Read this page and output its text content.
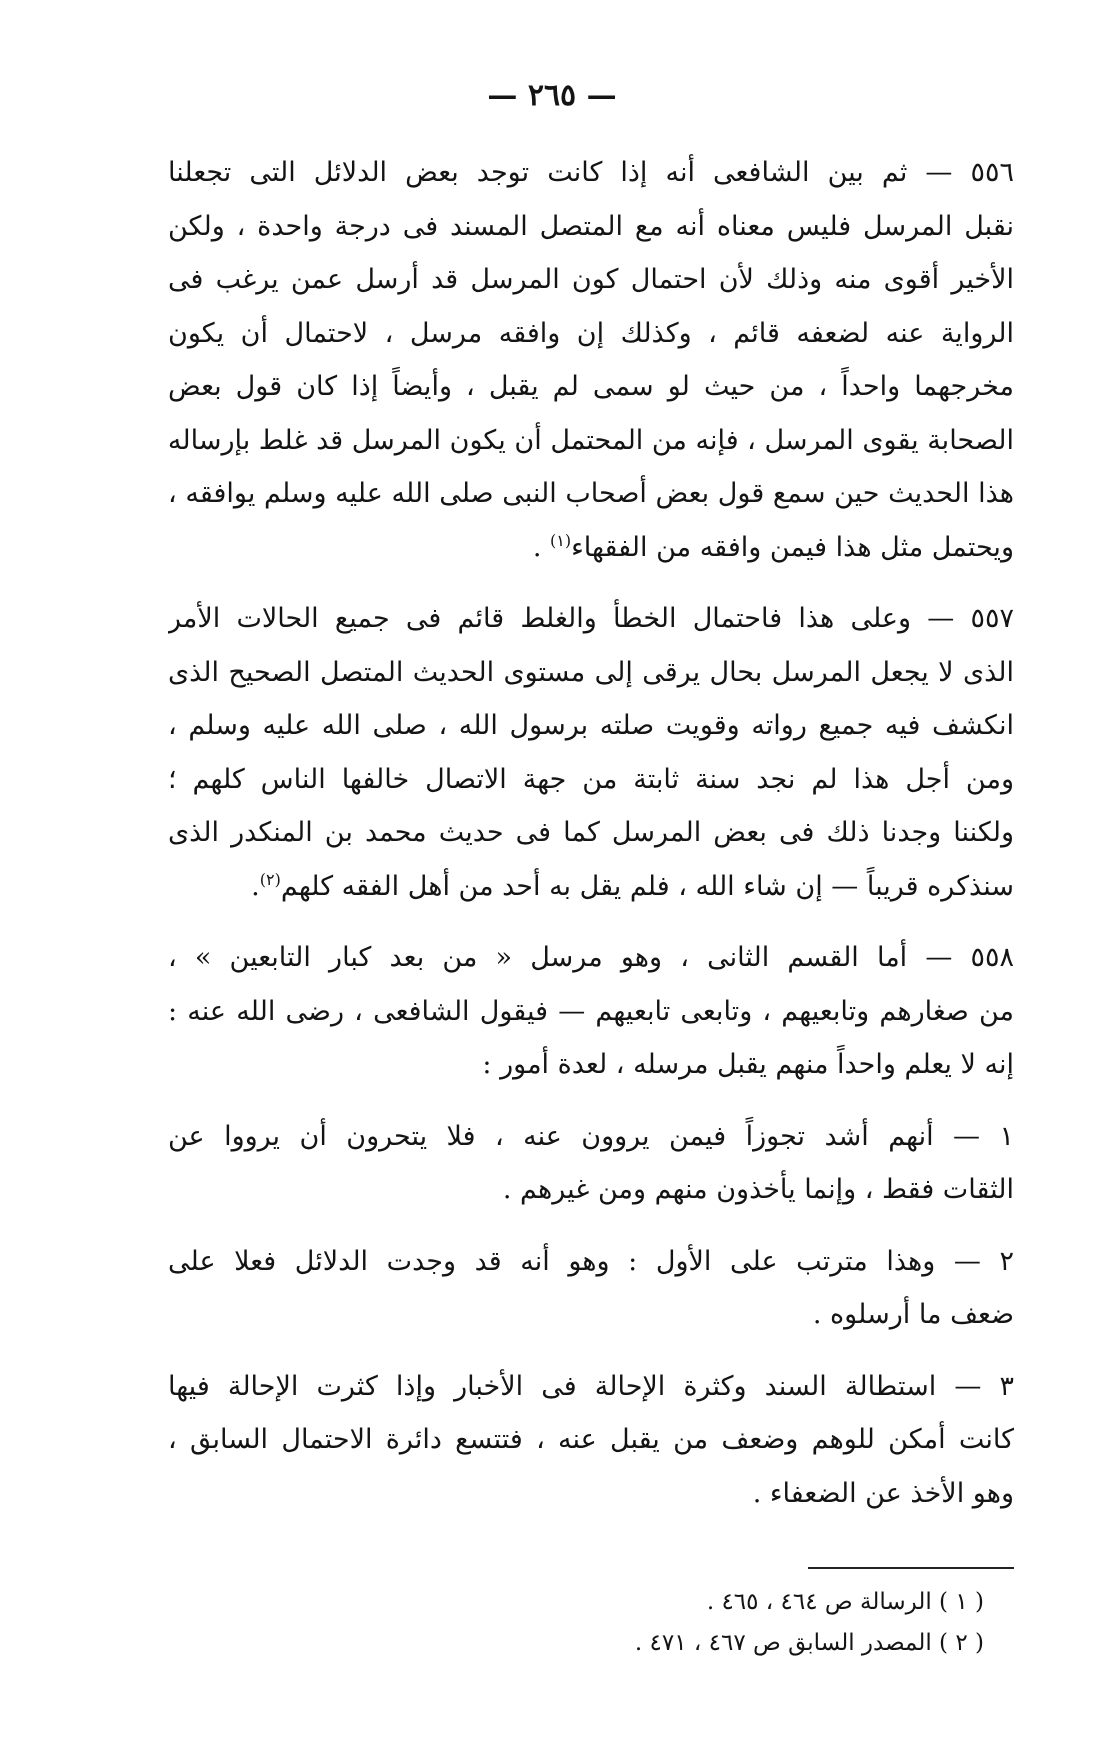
— ٢٦٥ —

٥٥٦ — ثم بين الشافعى أنه إذا كانت توجد بعض الدلائل التى تجعلنا
نقبل المرسل فليس معناه أنه مع المتصل المسند فى درجة واحدة ، ولكن
الأخير أقوى منه وذلك لأن احتمال كون المرسل قد أرسل عمن يرغب فى
الرواية عنه لضعفه قائم ، وكذلك إن وافقه مرسل ، لاحتمال أن يكون
مخرجهما واحداً ، من حيث لو سمى لم يقبل ، وأيضاً إذا كان قول بعض
الصحابة يقوى المرسل ، فإنه من المحتمل أن يكون المرسل قد غلط بإرساله
هذا الحديث حين سمع قول بعض أصحاب النبى صلى الله عليه وسلم يوافقه ،
ويحتمل مثل هذا فيمن وافقه من الفقهاء$^{(١)}$ .

٥٥٧ — وعلى هذا فاحتمال الخطأ والغلط قائم فى جميع الحالات الأمر
الذى لا يجعل المرسل بحال يرقى إلى مستوى الحديث المتصل الصحيح الذى
انكشف فيه جميع رواته وقويت صلته برسول الله ، صلى الله عليه وسلم ،
ومن أجل هذا لم نجد سنة ثابتة من جهة الاتصال خالفها الناس كلهم ؛
ولكننا وجدنا ذلك فى بعض المرسل كما فى حديث محمد بن المنكدر الذى
سنذكره قريباً — إن شاء الله ، فلم يقل به أحد من أهل الفقه كلهم$^{(٢)}$.

٥٥٨ — أما القسم الثانى ، وهو مرسل « من بعد كبار التابعين » ،
من صغارهم وتابعيهم ، وتابعى تابعيهم — فيقول الشافعى ، رضى الله عنه :
إنه لا يعلم واحداً منهم يقبل مرسله ، لعدة أمور :

١ — أنهم أشد تجوزاً فيمن يروون عنه ، فلا يتحرون أن يرووا عن
الثقات فقط ، وإنما يأخذون منهم ومن غيرهم .

٢ — وهذا مترتب على الأول : وهو أنه قد وجدت الدلائل فعلا على
ضعف ما أرسلوه .

٣ — استطالة السند وكثرة الإحالة فى الأخبار وإذا كثرت الإحالة فيها
كانت أمكن للوهم وضعف من يقبل عنه ، فتتسع دائرة الاحتمال السابق ،
وهو الأخذ عن الضعفاء .

( ١ ) الرسالة ص ٤٦٤ ، ٤٦٥ .
( ٢ ) المصدر السابق ص ٤٦٧ ، ٤٧١ .
